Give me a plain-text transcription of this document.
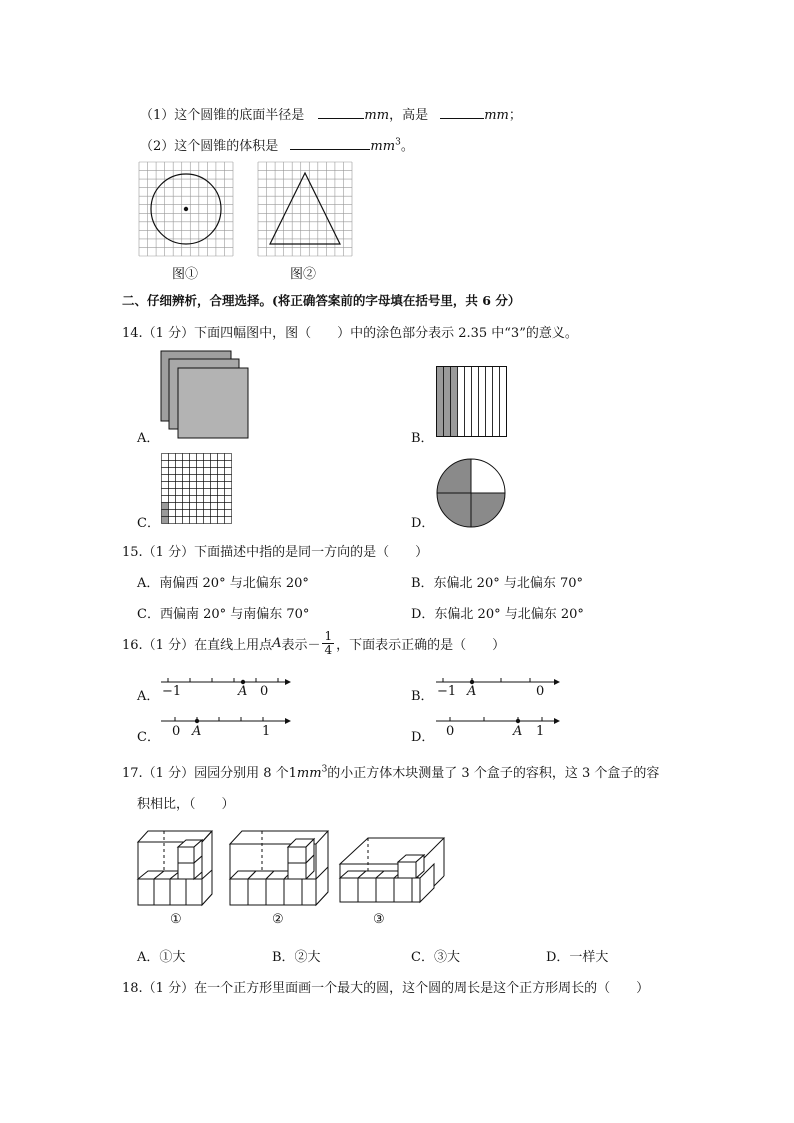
（1）这个圆锥的底面半径是	mm，高是	mm；
（2）这个圆锥的体积是	$mm^3$。
图①	图②
二、仔细辨析，合理选择。(将正确答案前的字母填在括号里，共 6 分）
14.（1 分）下面四幅图中，图（　　）中的涂色部分表示 2.35 中“3”的意义。
A．	B．
C．	D．
15.（1 分）下面描述中指的是同一方向的是（　　）
A．南偏西 20° 与北偏东 20°	B．东偏北 20° 与北偏东 70°
C．西偏南 20° 与南偏东 70°	D．东偏北 20° 与北偏东 20°
16.（1 分）在直线上用点A表示－ $\frac{1}{4}$ ，下面表示正确的是（　　）
A． −1	A 0	B． −1 A	0
C． 0 A	1	D． 0	A 1
17.（1 分）园园分别用 8 个$1mm^3$的小正方体木块测量了 3 个盒子的容积，这 3 个盒子的容
积相比，（　　）
①	②	③
A．①大	B．②大	C．③大	D．一样大
18.（1 分）在一个正方形里面画一个最大的圆，这个圆的周长是这个正方形周长的（　　）
